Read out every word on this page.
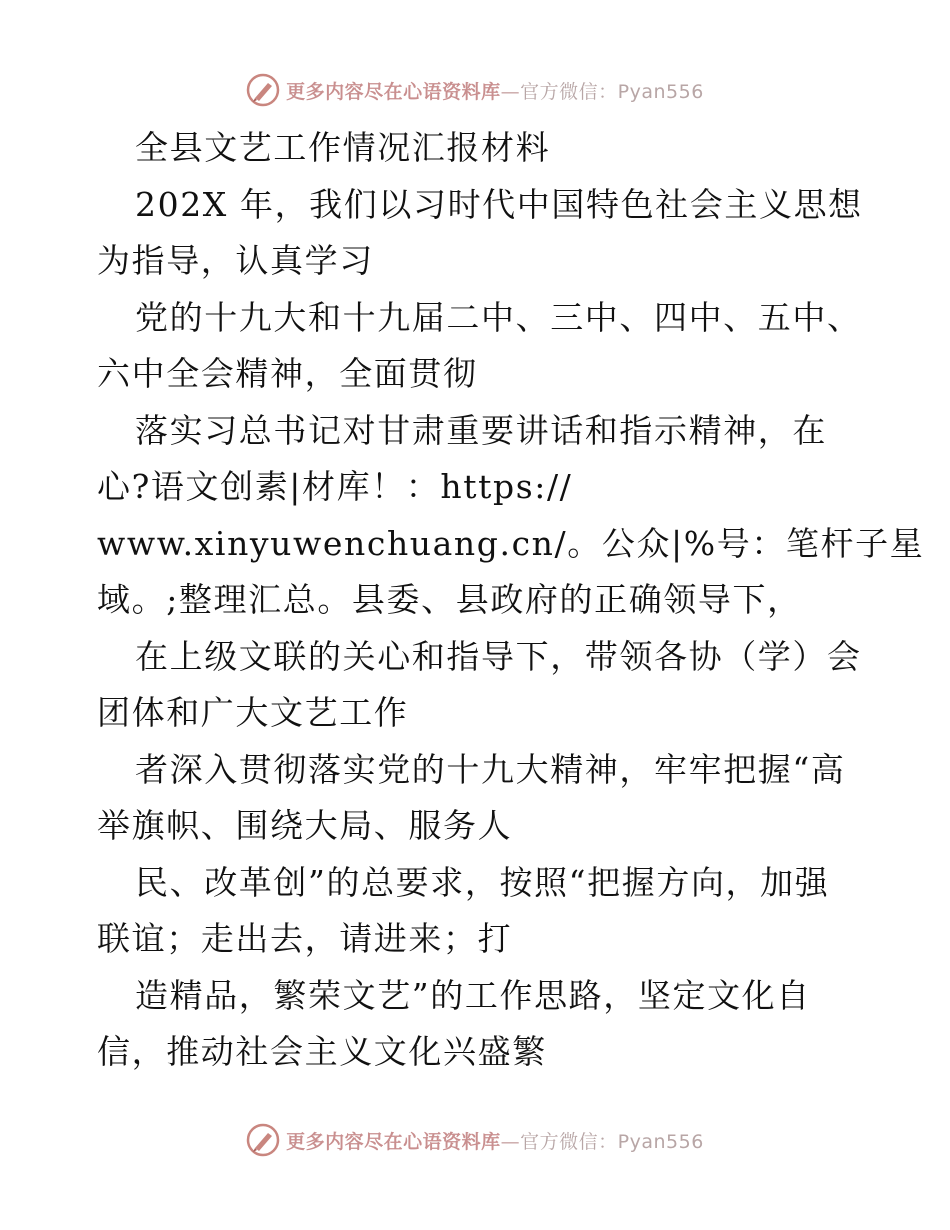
更多内容尽在心语资料库—官方微信：Pyan556
全县文艺工作情况汇报材料
202X 年，我们以习时代中国特色社会主义思想
为指导，认真学习
党的十九大和十九届二中、三中、四中、五中、
六中全会精神，全面贯彻
落实习总书记对甘肃重要讲话和指示精神，在
心?语文创素|材库！：https://
www.xinyuwenchuang.cn/。公众|%号：笔杆子星
域。;整理汇总。县委、县政府的正确领导下，
在上级文联的关心和指导下，带领各协（学）会
团体和广大文艺工作
者深入贯彻落实党的十九大精神，牢牢把握“高
举旗帜、围绕大局、服务人
民、改革创”的总要求，按照“把握方向，加强
联谊；走出去，请进来；打
造精品，繁荣文艺”的工作思路，坚定文化自
信，推动社会主义文化兴盛繁
更多内容尽在心语资料库—官方微信：Pyan556
